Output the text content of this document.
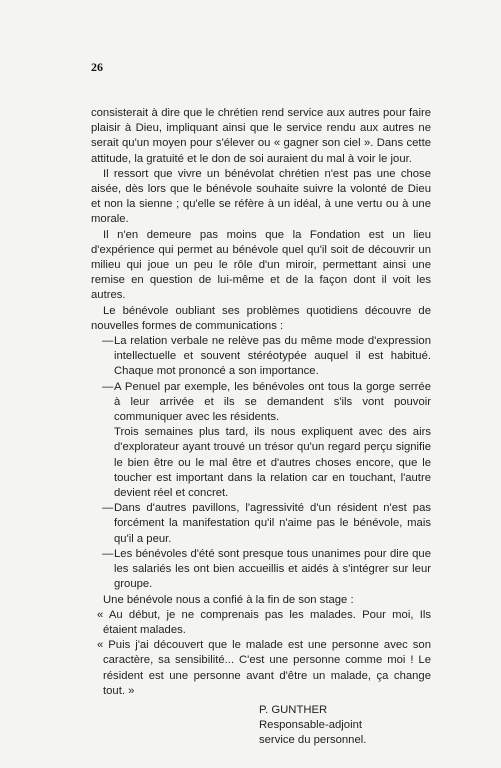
26

consisterait à dire que le chrétien rend service aux autres pour faire plaisir à Dieu, impliquant ainsi que le service rendu aux autres ne serait qu'un moyen pour s'élever ou « gagner son ciel ». Dans cette attitude, la gratuité et le don de soi auraient du mal à voir le jour.

Il ressort que vivre un bénévolat chrétien n'est pas une chose aisée, dès lors que le bénévole souhaite suivre la volonté de Dieu et non la sienne ; qu'elle se réfère à un idéal, à une vertu ou à une morale.

Il n'en demeure pas moins que la Fondation est un lieu d'expérience qui permet au bénévole quel qu'il soit de découvrir un milieu qui joue un peu le rôle d'un miroir, permettant ainsi une remise en question de lui-même et de la façon dont il voit les autres.

Le bénévole oubliant ses problèmes quotidiens découvre de nouvelles formes de communications :

— La relation verbale ne relève pas du même mode d'expression intellectuelle et souvent stéréotypée auquel il est habitué. Chaque mot prononcé a son importance.
— A Penuel par exemple, les bénévoles ont tous la gorge serrée à leur arrivée et ils se demandent s'ils vont pouvoir communiquer avec les résidents.

Trois semaines plus tard, ils nous expliquent avec des airs d'explorateur ayant trouvé un trésor qu'un regard perçu signifie le bien être ou le mal être et d'autres choses encore, que le toucher est important dans la relation car en touchant, l'autre devient réel et concret.

— Dans d'autres pavillons, l'agressivité d'un résident n'est pas forcément la manifestation qu'il n'aime pas le bénévole, mais qu'il a peur.
— Les bénévoles d'été sont presque tous unanimes pour dire que les salariés les ont bien accueillis et aidés à s'intégrer sur leur groupe.

Une bénévole nous a confié à la fin de son stage :

« Au début, je ne comprenais pas les malades. Pour moi, Ils étaient malades.

« Puis j'ai découvert que le malade est une personne avec son caractère, sa sensibilité... C'est une personne comme moi ! Le résident est une personne avant d'être un malade, ça change tout. »

P. GUNTHER
Responsable-adjoint
service du personnel.
